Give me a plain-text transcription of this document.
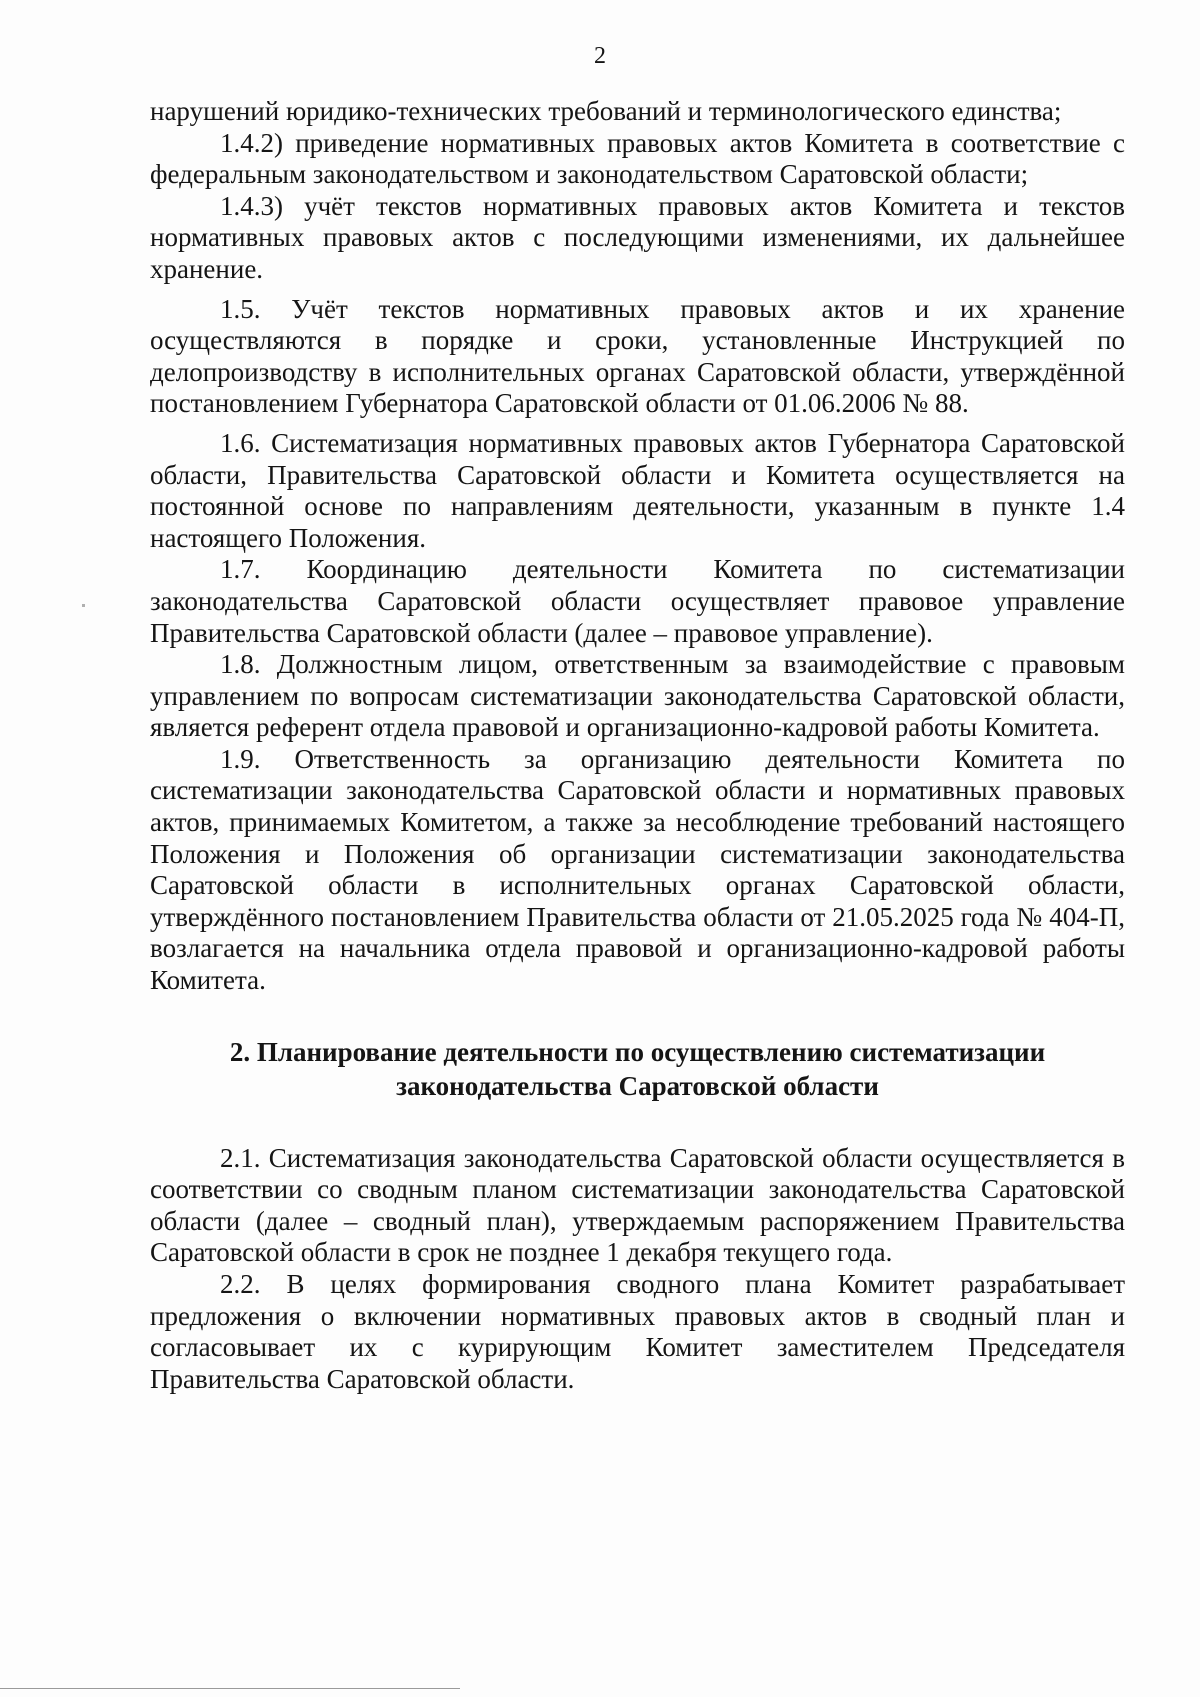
2

нарушений юридико-технических требований и терминологического единства;

1.4.2) приведение нормативных правовых актов Комитета в соответствие с федеральным законодательством и законодательством Саратовской области;

1.4.3) учёт текстов нормативных правовых актов Комитета и текстов нормативных правовых актов с последующими изменениями, их дальнейшее хранение.

1.5. Учёт текстов нормативных правовых актов и их хранение осуществляются в порядке и сроки, установленные Инструкцией по делопроизводству в исполнительных органах Саратовской области, утверждённой постановлением Губернатора Саратовской области от 01.06.2006 № 88.

1.6. Систематизация нормативных правовых актов Губернатора Саратовской области, Правительства Саратовской области и Комитета осуществляется на постоянной основе по направлениям деятельности, указанным в пункте 1.4 настоящего Положения.

1.7. Координацию деятельности Комитета по систематизации законодательства Саратовской области осуществляет правовое управление Правительства Саратовской области (далее – правовое управление).

1.8. Должностным лицом, ответственным за взаимодействие с правовым управлением по вопросам систематизации законодательства Саратовской области, является референт отдела правовой и организационно-кадровой работы Комитета.

1.9. Ответственность за организацию деятельности Комитета по систематизации законодательства Саратовской области и нормативных правовых актов, принимаемых Комитетом, а также за несоблюдение требований настоящего Положения и Положения об организации систематизации законодательства Саратовской области в исполнительных органах Саратовской области, утверждённого постановлением Правительства области от 21.05.2025 года № 404-П, возлагается на начальника отдела правовой и организационно-кадровой работы Комитета.

2. Планирование деятельности по осуществлению систематизации законодательства Саратовской области

2.1. Систематизация законодательства Саратовской области осуществляется в соответствии со сводным планом систематизации законодательства Саратовской области (далее – сводный план), утверждаемым распоряжением Правительства Саратовской области в срок не позднее 1 декабря текущего года.

2.2. В целях формирования сводного плана Комитет разрабатывает предложения о включении нормативных правовых актов в сводный план и согласовывает их с курирующим Комитет заместителем Председателя Правительства Саратовской области.
